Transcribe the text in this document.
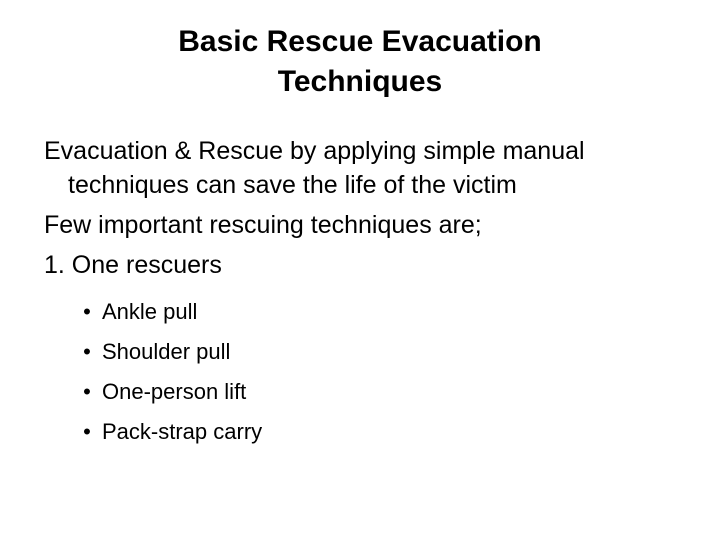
Basic Rescue Evacuation
Techniques

Evacuation & Rescue by applying simple manual techniques can save the life of the victim

Few important rescuing techniques are;

1. One rescuers

• Ankle pull
• Shoulder pull
• One-person lift
• Pack-strap carry
